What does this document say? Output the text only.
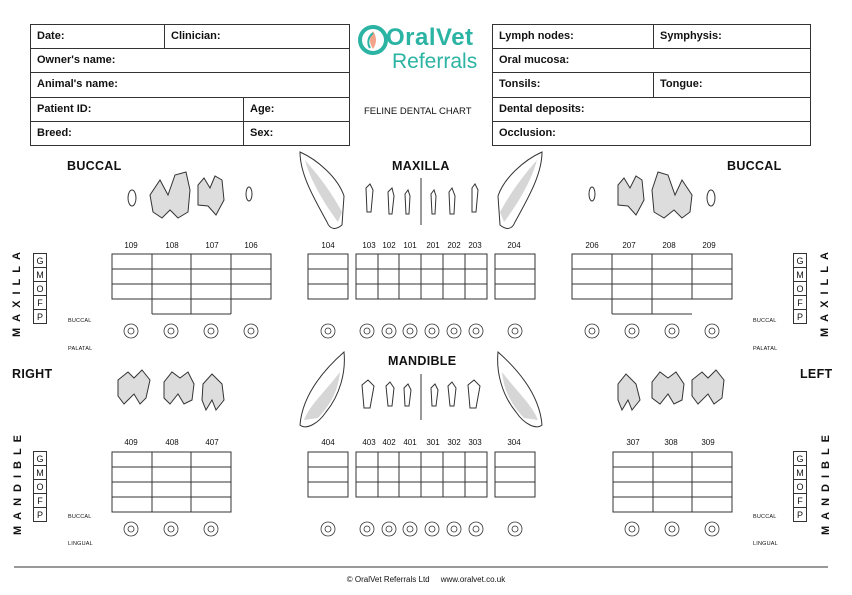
Date:	Clinician:
Owner's name:
Animal's name:
Patient ID:	Age:
Breed:	Sex:
OralVet
Referrals
FELINE DENTAL CHART
Lymph nodes:	Symphysis:
Oral mucosa:
Tonsils:	Tongue:
Dental deposits:
Occlusion:
BUCCAL	MAXILLA	BUCCAL
MANDIBLE
RIGHT	LEFT
MAXILLA	MAXILLA
MANDIBLE	MANDIBLE
G
M
O
F
P
G
M
O
F
P
G
M
O
F
P
G
M
O
F
P
BUCCAL
PALATAL
BUCCAL
PALATAL
BUCCAL
LINGUAL
BUCCAL
LINGUAL
109	108	107	106	104	103 102 101	201 202 203	204	206	207	208	209
409	408	407	404	403 402 401	301 302 303	304	307	308	309
© OralVet Referrals Ltd     www.oralvet.co.uk
